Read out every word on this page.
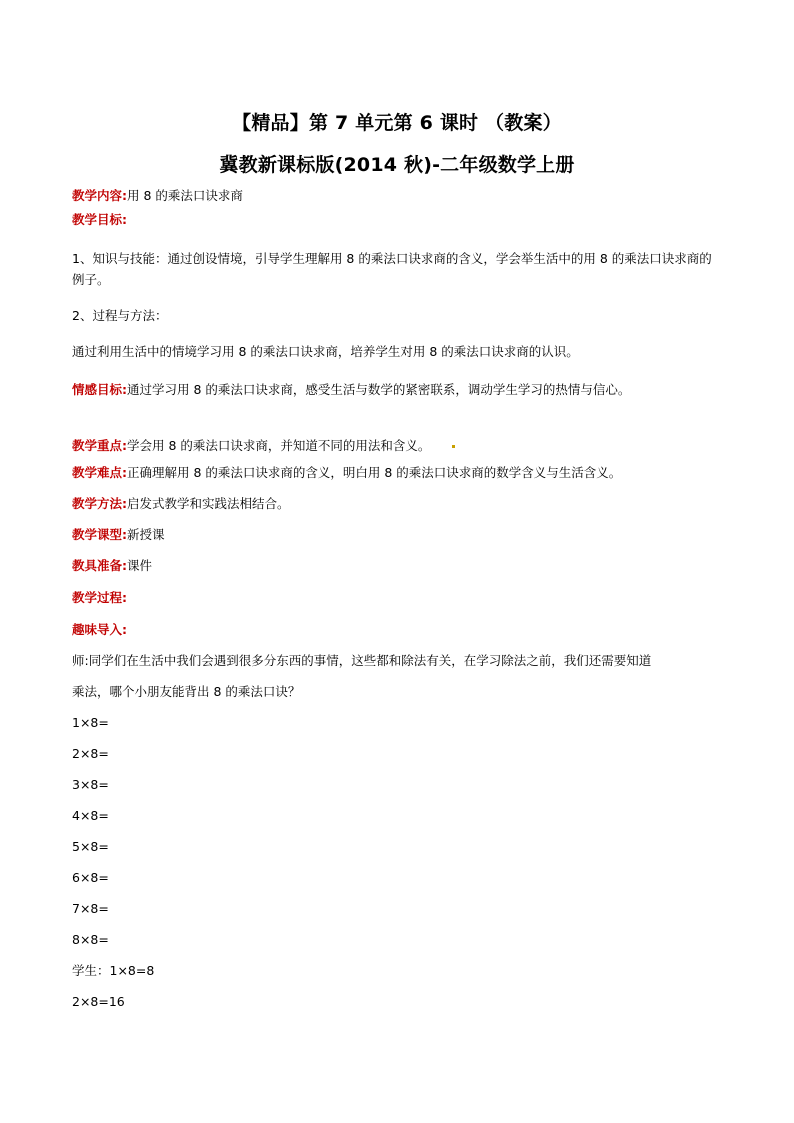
【精品】第 7 单元第 6 课时 （教案）
冀教新课标版(2014 秋)-二年级数学上册
教学内容:用 8 的乘法口诀求商
教学目标:
1、知识与技能：通过创设情境，引导学生理解用 8 的乘法口诀求商的含义，学会举生活中的用 8 的乘法口诀求商的例子。
2、过程与方法：
通过利用生活中的情境学习用 8 的乘法口诀求商，培养学生对用 8 的乘法口诀求商的认识。
情感目标:通过学习用 8 的乘法口诀求商，感受生活与数学的紧密联系，调动学生学习的热情与信心。
教学重点:学会用 8 的乘法口诀求商，并知道不同的用法和含义。
教学难点:正确理解用 8 的乘法口诀求商的含义，明白用 8 的乘法口诀求商的数学含义与生活含义。
教学方法:启发式教学和实践法相结合。
教学课型:新授课
教具准备:课件
教学过程:
趣味导入:
师:同学们在生活中我们会遇到很多分东西的事情，这些都和除法有关，在学习除法之前，我们还需要知道
乘法，哪个小朋友能背出 8 的乘法口诀？
1×8=
2×8=
3×8=
4×8=
5×8=
6×8=
7×8=
8×8=
学生：1×8=8
2×8=16
